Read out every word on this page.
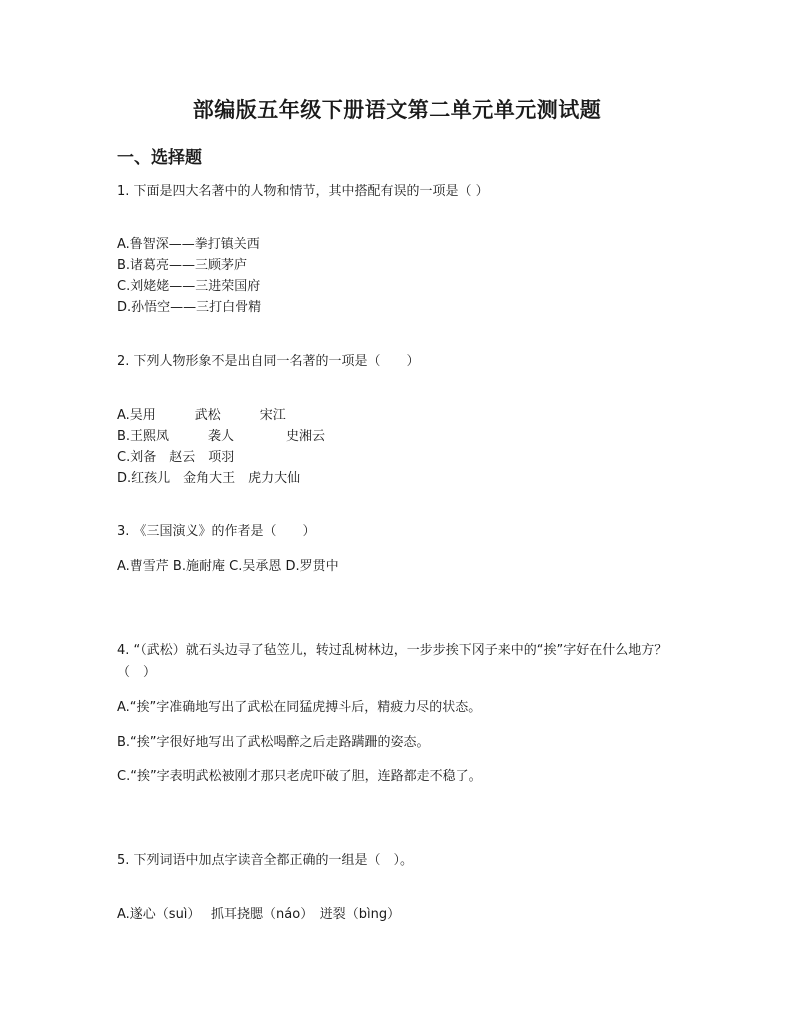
部编版五年级下册语文第二单元单元测试题
一、选择题
1. 下面是四大名著中的人物和情节，其中搭配有误的一项是（ ）
A.鲁智深——拳打镇关西
B.诸葛亮——三顾茅庐
C.刘姥姥——三进荣国府
D.孙悟空——三打白骨精
2. 下列人物形象不是出自同一名著的一项是（　　）
A.吴用　　　武松　　　宋江
B.王熙凤　　　袭人　　　　史湘云
C.刘备　赵云　项羽
D.红孩儿　金角大王　虎力大仙
3. 《三国演义》的作者是（　　）
A.曹雪芹 B.施耐庵 C.吴承恩 D.罗贯中
4. “（武松）就石头边寻了毡笠儿，转过乱树林边，一步步挨下冈子来中的“挨”字好在什么地方？（　）
A.“挨”字准确地写出了武松在同猛虎搏斗后，精疲力尽的状态。
B.“挨”字很好地写出了武松喝醉之后走路蹒跚的姿态。
C.“挨”字表明武松被刚才那只老虎吓破了胆，连路都走不稳了。
5. 下列词语中加点字读音全都正确的一组是（　）。
A.遂心（suì）　 抓耳挠腮（náo）　迸裂（bìng）
